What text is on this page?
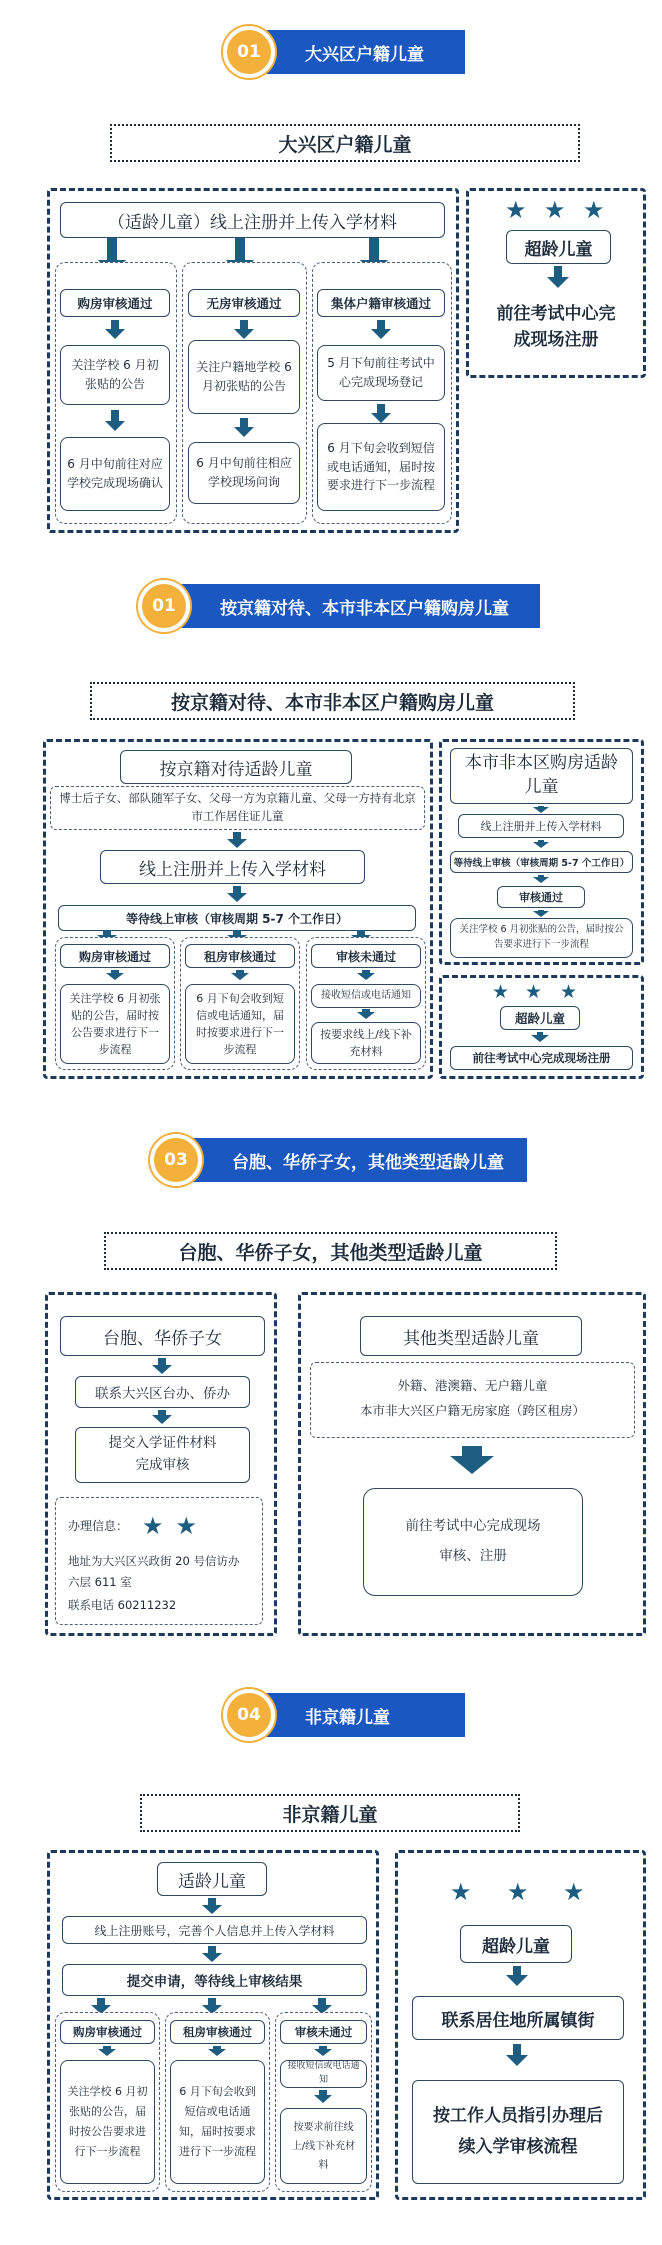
01	大兴区户籍儿童
大兴区户籍儿童
（适龄儿童）线上注册并上传入学材料
购房审核通过	无房审核通过	集体户籍审核通过
关注学校 6 月初张贴的公告
关注户籍地学校 6 月初张贴的公告
5 月下旬前往考试中心完成现场登记
6 月中旬前往对应学校完成现场确认
6 月中旬前往相应学校现场问询
6 月下旬会收到短信或电话通知，届时按要求进行下一步流程
★ ★ ★
超龄儿童
前往考试中心完成现场注册
01	按京籍对待、本市非本区户籍购房儿童
按京籍对待、本市非本区户籍购房儿童
按京籍对待适龄儿童
博士后子女、部队随军子女、父母一方为京籍儿童、父母一方持有北京市工作居住证儿童
线上注册并上传入学材料
等待线上审核（审核周期 5-7 个工作日）
购房审核通过	租房审核通过	审核未通过
关注学校 6 月初张贴的公告，届时按公告要求进行下一步流程
6 月下旬会收到短信或电话通知，届时按要求进行下一步流程
接收短信或电话通知
按要求线上/线下补充材料
本市非本区购房适龄儿童
线上注册并上传入学材料
等待线上审核（审核周期 5-7 个工作日）
审核通过
关注学校 6 月初张贴的公告，届时按公告要求进行下一步流程
★ ★ ★
超龄儿童
前往考试中心完成现场注册
03	台胞、华侨子女，其他类型适龄儿童
台胞、华侨子女，其他类型适龄儿童
台胞、华侨子女
联系大兴区台办、侨办
提交入学证件材料完成审核
办理信息： ★ ★
地址为大兴区兴政街 20 号信访办六层 611 室
联系电话 60211232
其他类型适龄儿童
外籍、港澳籍、无户籍儿童
本市非大兴区户籍无房家庭（跨区租房）
前往考试中心完成现场审核、注册
04	非京籍儿童
非京籍儿童
适龄儿童
线上注册账号，完善个人信息并上传入学材料
提交申请，等待线上审核结果
购房审核通过	租房审核通过	审核未通过
关注学校 6 月初张贴的公告，届时按公告要求进行下一步流程
6 月下旬会收到短信或电话通知，届时按要求进行下一步流程
接收短信或电话通知
按要求前往线上/线下补充材料
★ ★ ★
超龄儿童
联系居住地所属镇街
按工作人员指引办理后续入学审核流程
